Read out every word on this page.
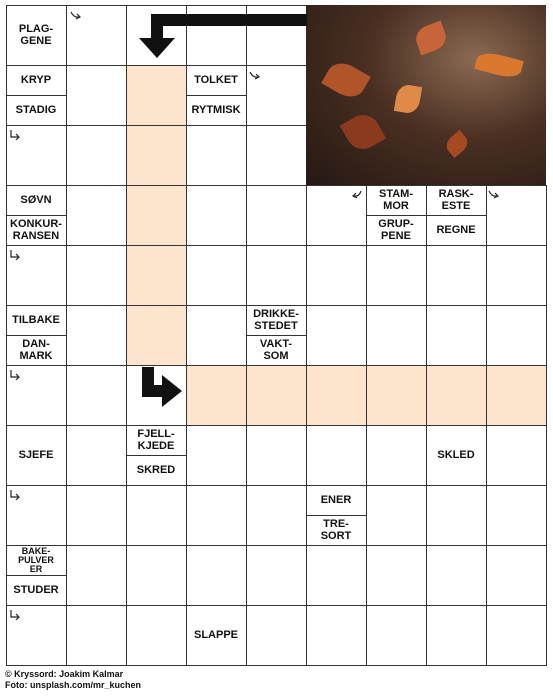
PLAG-
GENE
KRYP
STADIG
TOLKET
RYTMISK
SØVN
KONKUR-
RANSEN
STAM-
MOR
GRUP-
PENE
RASK-
ESTE
REGNE
TILBAKE
DAN-
MARK
DRIKKE-
STEDET
VAKT-
SOM
SJEFE
FJELL-
KJEDE
SKRED
SKLED
ENER
TRE-
SORT
BAKE-
PULVER
ER
STUDER
SLAPPE
© Kryssord: Joakim Kalmar
Foto: unsplash.com/mr_kuchen
